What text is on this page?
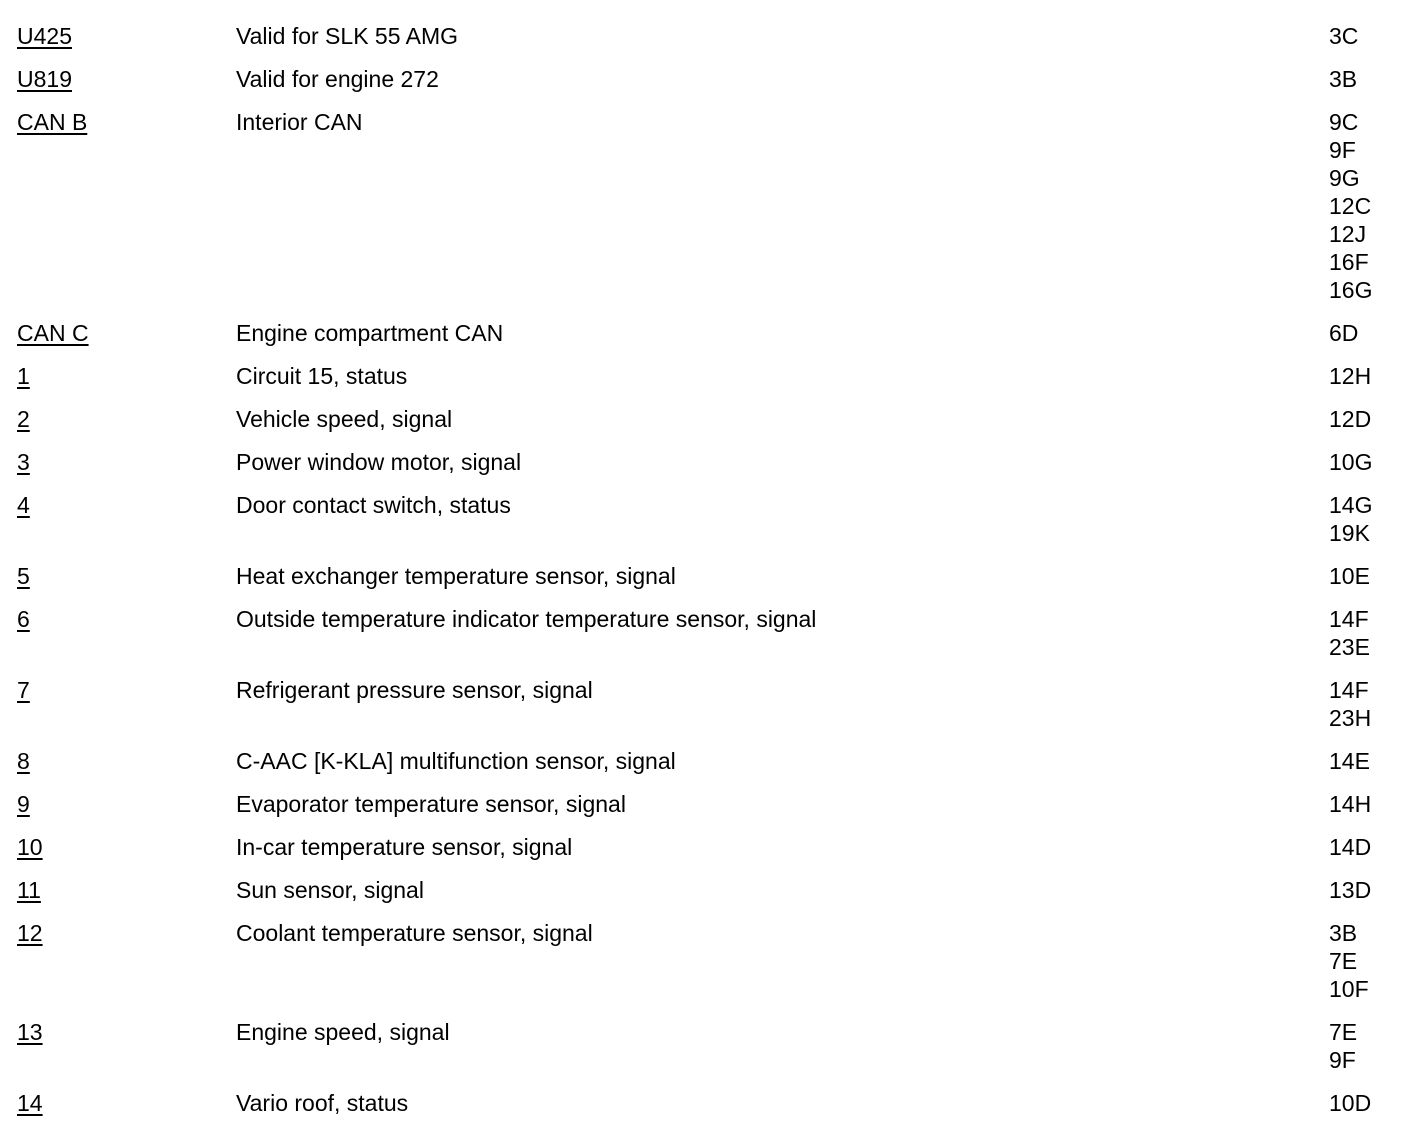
U425	Valid for SLK 55 AMG	3C
U819	Valid for engine 272	3B
CAN B	Interior CAN	9C
9F
9G
12C
12J
16F
16G
CAN C	Engine compartment CAN	6D
1	Circuit 15, status	12H
2	Vehicle speed, signal	12D
3	Power window motor, signal	10G
4	Door contact switch, status	14G
19K
5	Heat exchanger temperature sensor, signal	10E
6	Outside temperature indicator temperature sensor, signal	14F
23E
7	Refrigerant pressure sensor, signal	14F
23H
8	C-AAC [K-KLA] multifunction sensor, signal	14E
9	Evaporator temperature sensor, signal	14H
10	In-car temperature sensor, signal	14D
11	Sun sensor, signal	13D
12	Coolant temperature sensor, signal	3B
7E
10F
13	Engine speed, signal	7E
9F
14	Vario roof, status	10D
